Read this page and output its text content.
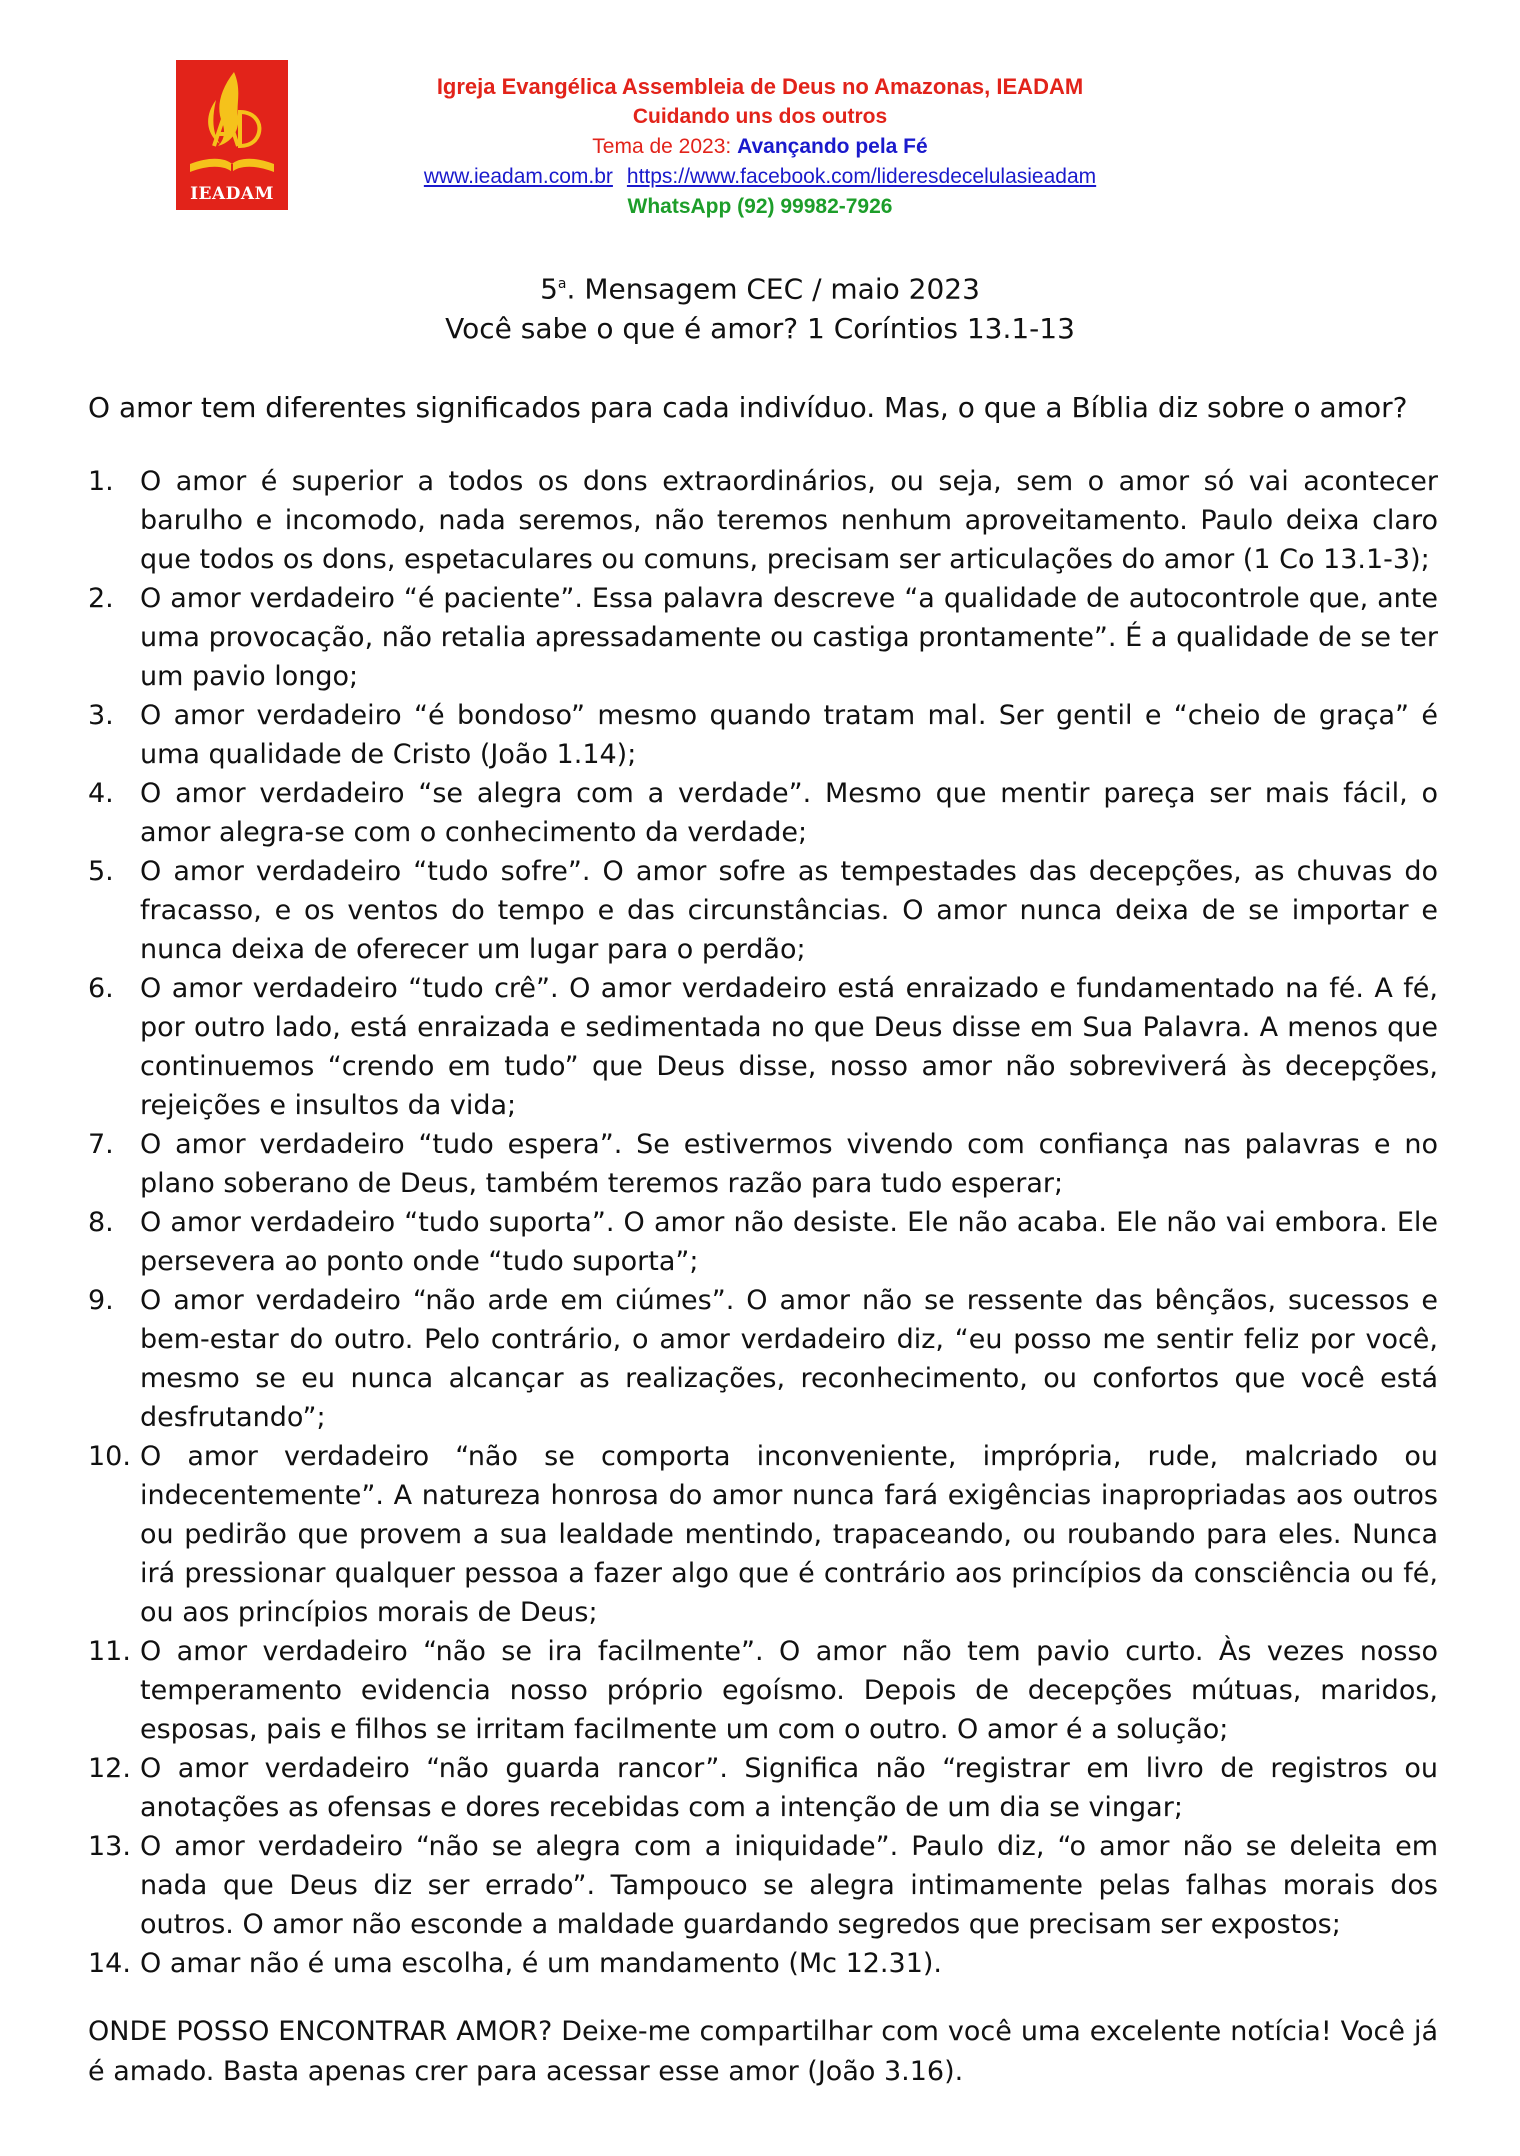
IEADAM
Igreja Evangélica Assembleia de Deus no Amazonas, IEADAM
Cuidando uns dos outros
Tema de 2023: Avançando pela Fé
www.ieadam.com.br https://www.facebook.com/lideresdecelulasieadam
WhatsApp (92) 99982-7926
5$^a$. Mensagem CEC / maio 2023
Você sabe o que é amor? 1 Coríntios 13.1-13
O amor tem diferentes significados para cada indivíduo. Mas, o que a Bíblia diz sobre o amor?
1. O amor é superior a todos os dons extraordinários, ou seja, sem o amor só vai acontecer barulho e incomodo, nada seremos, não teremos nenhum aproveitamento. Paulo deixa claro que todos os dons, espetaculares ou comuns, precisam ser articulações do amor (1 Co 13.1-3);
2. O amor verdadeiro “é paciente”. Essa palavra descreve “a qualidade de autocontrole que, ante uma provocação, não retalia apressadamente ou castiga prontamente”. É a qualidade de se ter um pavio longo;
3. O amor verdadeiro “é bondoso” mesmo quando tratam mal. Ser gentil e “cheio de graça” é uma qualidade de Cristo (João 1.14);
4. O amor verdadeiro “se alegra com a verdade”. Mesmo que mentir pareça ser mais fácil, o amor alegra-se com o conhecimento da verdade;
5. O amor verdadeiro “tudo sofre”. O amor sofre as tempestades das decepções, as chuvas do fracasso, e os ventos do tempo e das circunstâncias. O amor nunca deixa de se importar e nunca deixa de oferecer um lugar para o perdão;
6. O amor verdadeiro “tudo crê”. O amor verdadeiro está enraizado e fundamentado na fé. A fé, por outro lado, está enraizada e sedimentada no que Deus disse em Sua Palavra. A menos que continuemos “crendo em tudo” que Deus disse, nosso amor não sobreviverá às decepções, rejeições e insultos da vida;
7. O amor verdadeiro “tudo espera”. Se estivermos vivendo com confiança nas palavras e no plano soberano de Deus, também teremos razão para tudo esperar;
8. O amor verdadeiro “tudo suporta”. O amor não desiste. Ele não acaba. Ele não vai embora. Ele persevera ao ponto onde “tudo suporta”;
9. O amor verdadeiro “não arde em ciúmes”. O amor não se ressente das bênçãos, sucessos e bem-estar do outro. Pelo contrário, o amor verdadeiro diz, “eu posso me sentir feliz por você, mesmo se eu nunca alcançar as realizações, reconhecimento, ou confortos que você está desfrutando”;
10. O amor verdadeiro “não se comporta inconveniente, imprópria, rude, malcriado ou indecentemente”. A natureza honrosa do amor nunca fará exigências inapropriadas aos outros ou pedirão que provem a sua lealdade mentindo, trapaceando, ou roubando para eles. Nunca irá pressionar qualquer pessoa a fazer algo que é contrário aos princípios da consciência ou fé, ou aos princípios morais de Deus;
11. O amor verdadeiro “não se ira facilmente”. O amor não tem pavio curto. Às vezes nosso temperamento evidencia nosso próprio egoísmo. Depois de decepções mútuas, maridos, esposas, pais e filhos se irritam facilmente um com o outro. O amor é a solução;
12. O amor verdadeiro “não guarda rancor”. Significa não “registrar em livro de registros ou anotações as ofensas e dores recebidas com a intenção de um dia se vingar;
13. O amor verdadeiro “não se alegra com a iniquidade”. Paulo diz, “o amor não se deleita em nada que Deus diz ser errado”. Tampouco se alegra intimamente pelas falhas morais dos outros. O amor não esconde a maldade guardando segredos que precisam ser expostos;
14. O amar não é uma escolha, é um mandamento (Mc 12.31).
ONDE POSSO ENCONTRAR AMOR? Deixe-me compartilhar com você uma excelente notícia! Você já é amado. Basta apenas crer para acessar esse amor (João 3.16).
